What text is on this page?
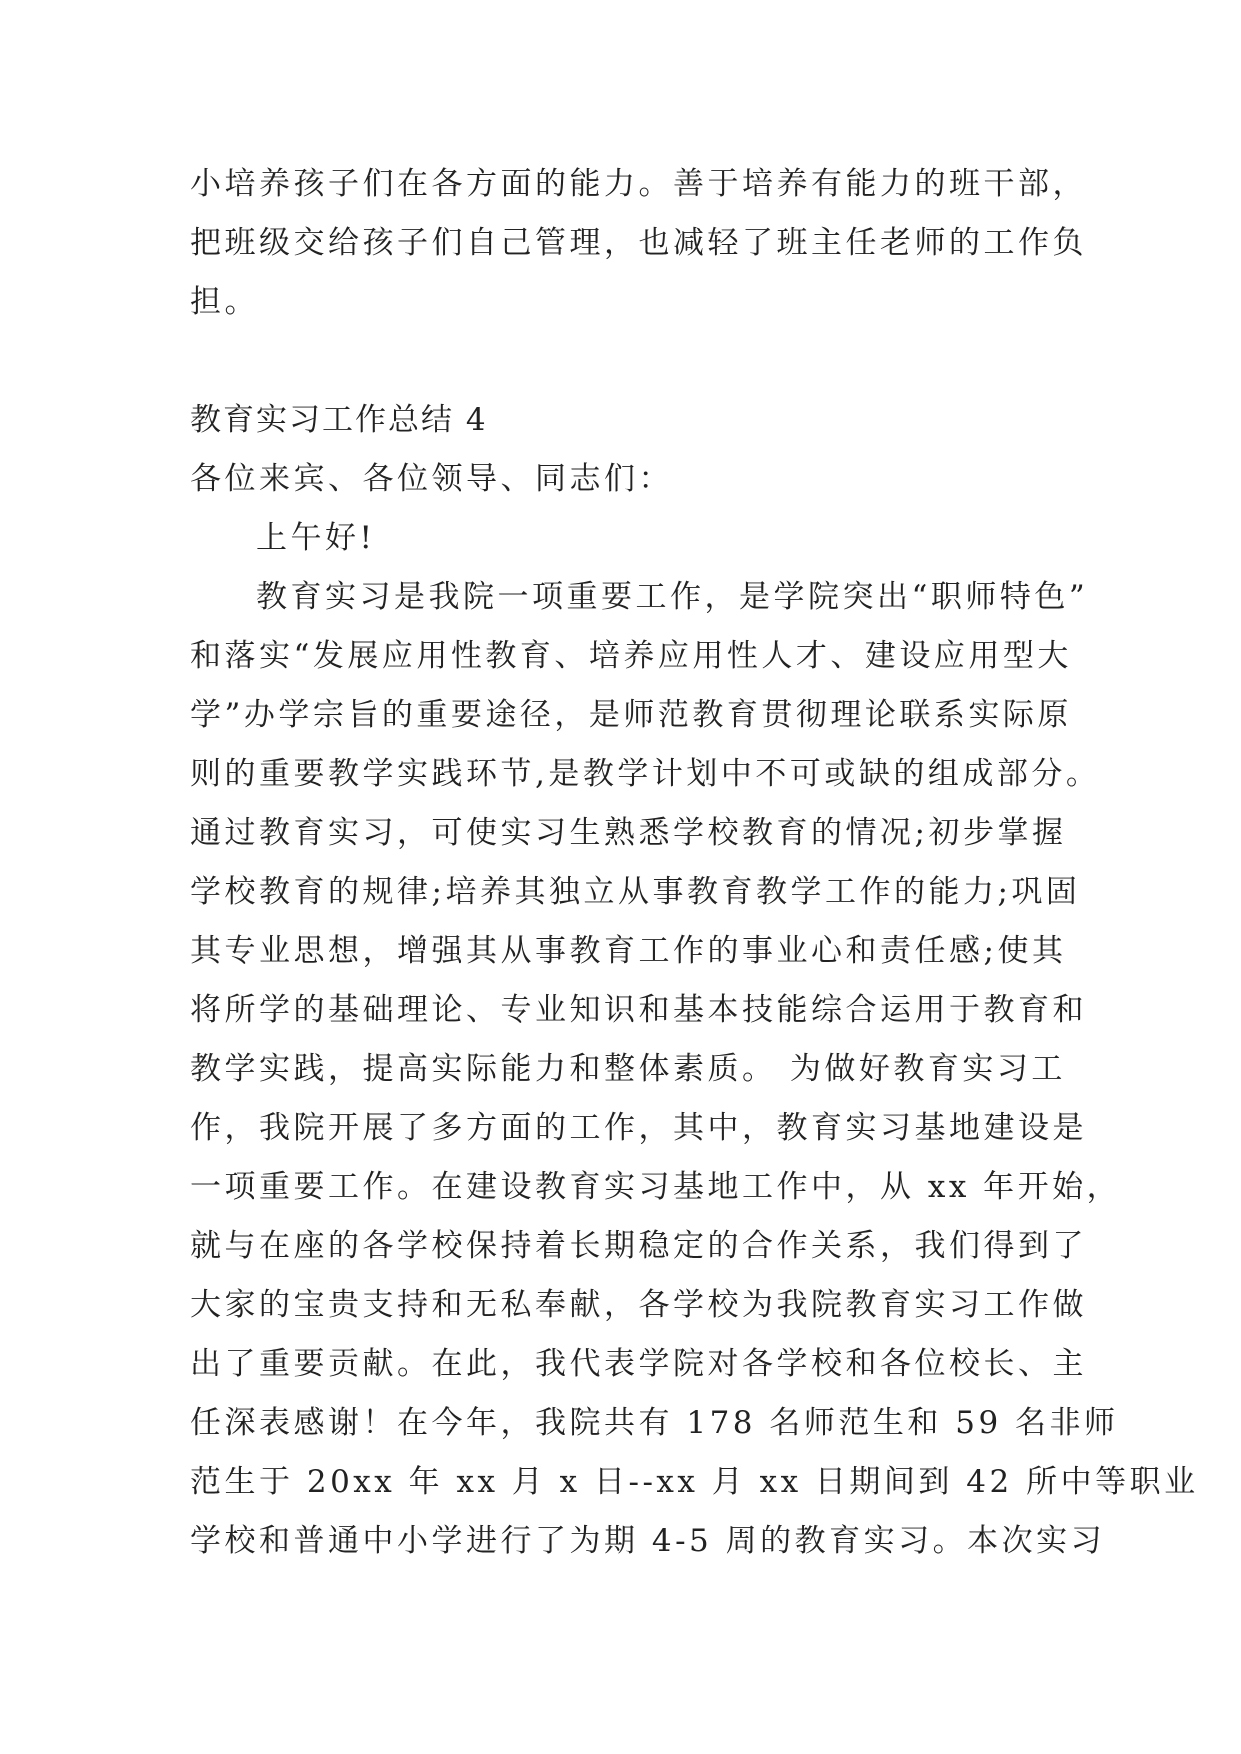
小培养孩子们在各方面的能力。善于培养有能力的班干部，
把班级交给孩子们自己管理，也减轻了班主任老师的工作负
担。
教育实习工作总结 4
各位来宾、各位领导、同志们：
上午好!
教育实习是我院一项重要工作，是学院突出“职师特色”
和落实“发展应用性教育、培养应用性人才、建设应用型大
学”办学宗旨的重要途径，是师范教育贯彻理论联系实际原
则的重要教学实践环节,是教学计划中不可或缺的组成部分。
通过教育实习，可使实习生熟悉学校教育的情况;初步掌握
学校教育的规律;培养其独立从事教育教学工作的能力;巩固
其专业思想，增强其从事教育工作的事业心和责任感;使其
将所学的基础理论、专业知识和基本技能综合运用于教育和
教学实践，提高实际能力和整体素质。 为做好教育实习工
作，我院开展了多方面的工作，其中，教育实习基地建设是
一项重要工作。在建设教育实习基地工作中，从 xx 年开始，
就与在座的各学校保持着长期稳定的合作关系，我们得到了
大家的宝贵支持和无私奉献，各学校为我院教育实习工作做
出了重要贡献。在此，我代表学院对各学校和各位校长、主
任深表感谢！在今年，我院共有 178 名师范生和 59 名非师
范生于 20xx 年 xx 月 x 日--xx 月 xx 日期间到 42 所中等职业
学校和普通中小学进行了为期 4-5 周的教育实习。本次实习
